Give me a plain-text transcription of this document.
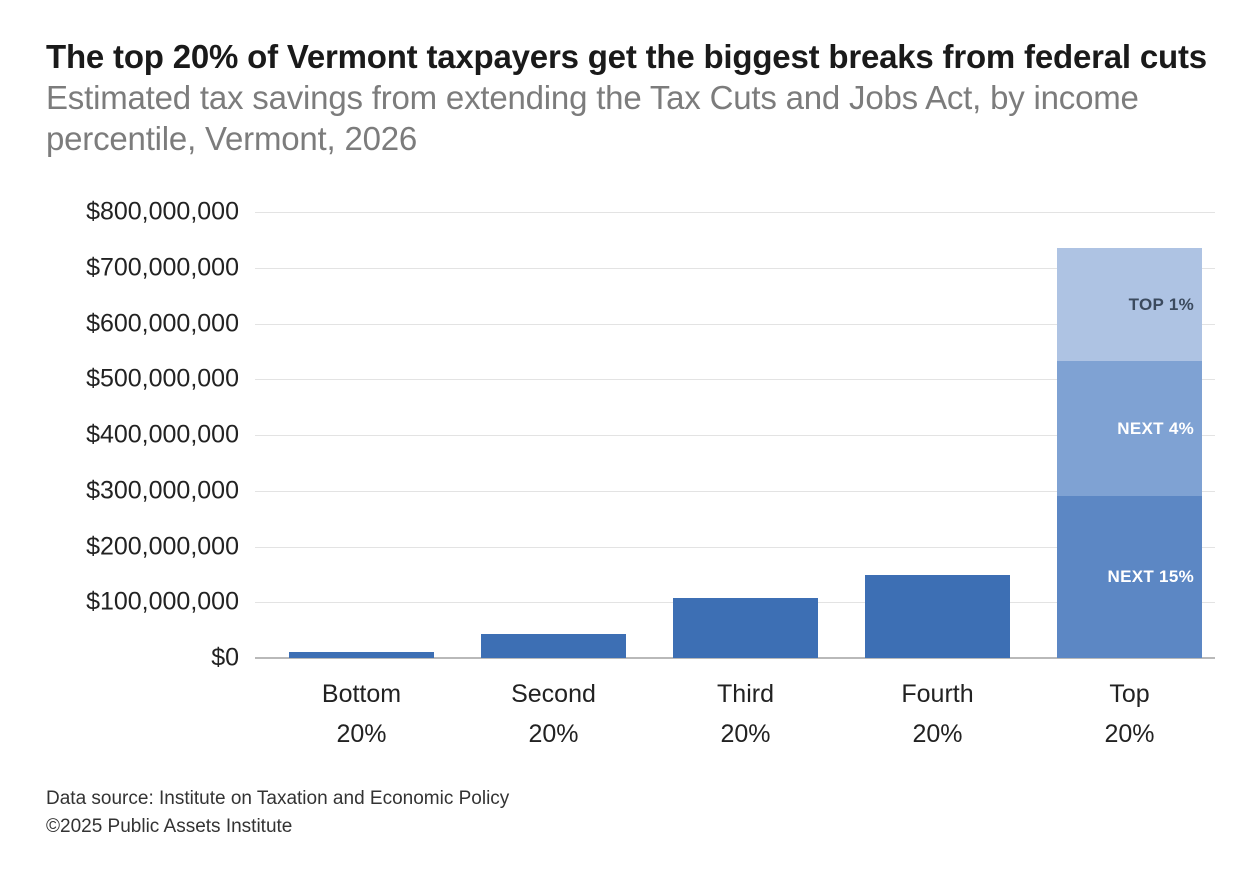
The top 20% of Vermont taxpayers get the biggest breaks from federal cuts Estimated tax savings from extending the Tax Cuts and Jobs Act, by income percentile, Vermont, 2026
$800,000,000
$700,000,000
$600,000,000
$500,000,000
$400,000,000
$300,000,000
$200,000,000
$100,000,000
$0
NEXT 15%
NEXT 4%
TOP 1%
Bottom
20%
Second
20%
Third
20%
Fourth
20%
Top
20%
Data source: Institute on Taxation and Economic Policy
©2025 Public Assets Institute
